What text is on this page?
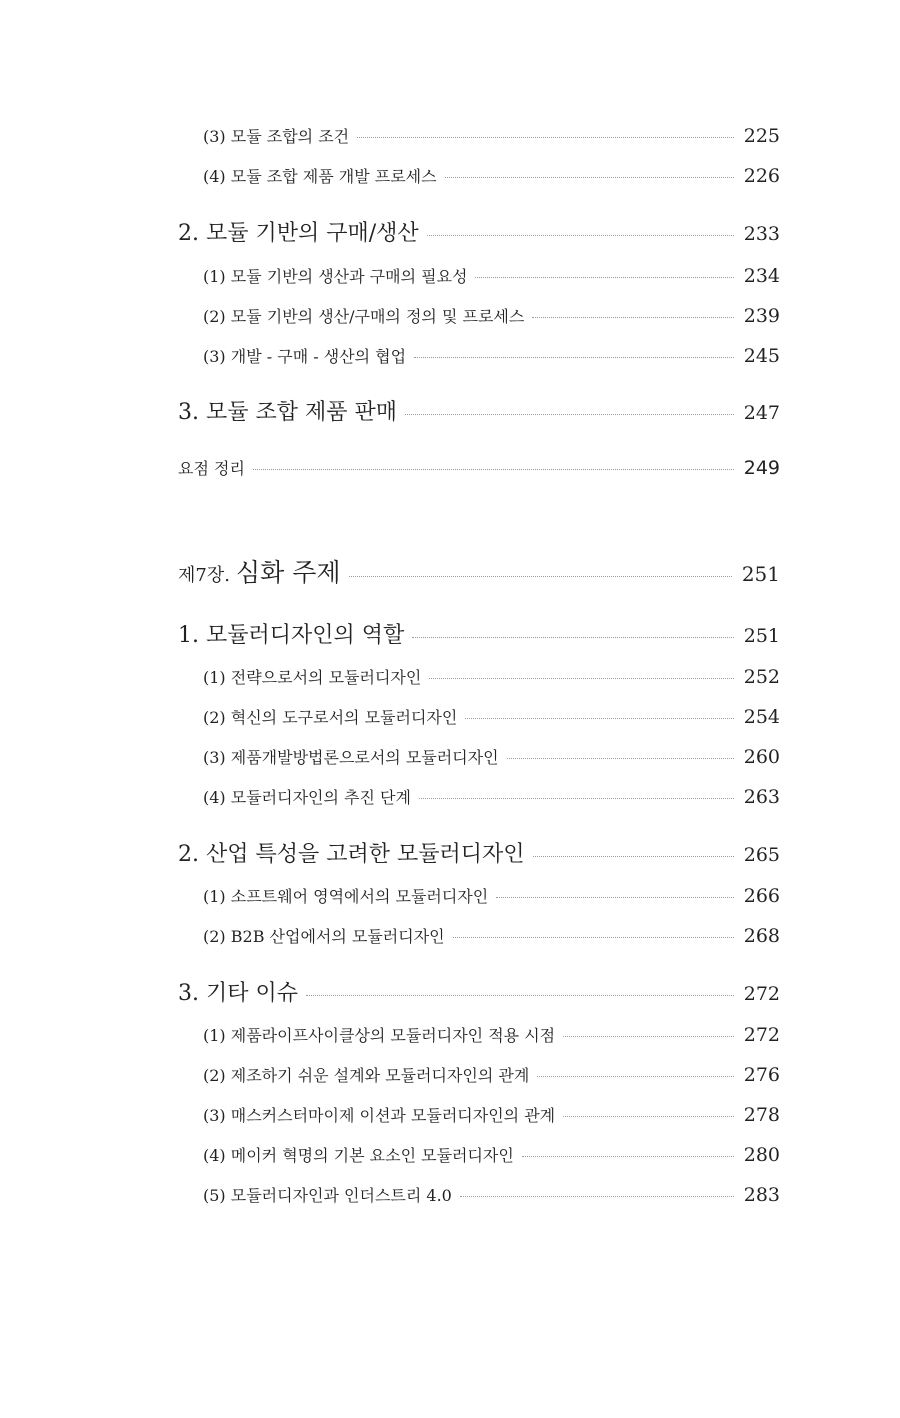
(3) 모듈 조합의 조건	225
(4) 모듈 조합 제품 개발 프로세스	226
2. 모듈 기반의 구매/생산	233
(1) 모듈 기반의 생산과 구매의 필요성	234
(2) 모듈 기반의 생산/구매의 정의 및 프로세스	239
(3) 개발 - 구매 - 생산의 협업	245
3. 모듈 조합 제품 판매	247
요점 정리	249
제7장. 심화 주제	251
1. 모듈러디자인의 역할	251
(1) 전략으로서의 모듈러디자인	252
(2) 혁신의 도구로서의 모듈러디자인	254
(3) 제품개발방법론으로서의 모듈러디자인	260
(4) 모듈러디자인의 추진 단계	263
2. 산업 특성을 고려한 모듈러디자인	265
(1) 소프트웨어 영역에서의 모듈러디자인	266
(2) B2B 산업에서의 모듈러디자인	268
3. 기타 이슈	272
(1) 제품라이프사이클상의 모듈러디자인 적용 시점	272
(2) 제조하기 쉬운 설계와 모듈러디자인의 관계	276
(3) 매스커스터마이제 이션과 모듈러디자인의 관계	278
(4) 메이커 혁명의 기본 요소인 모듈러디자인	280
(5) 모듈러디자인과 인더스트리 4.0	283
